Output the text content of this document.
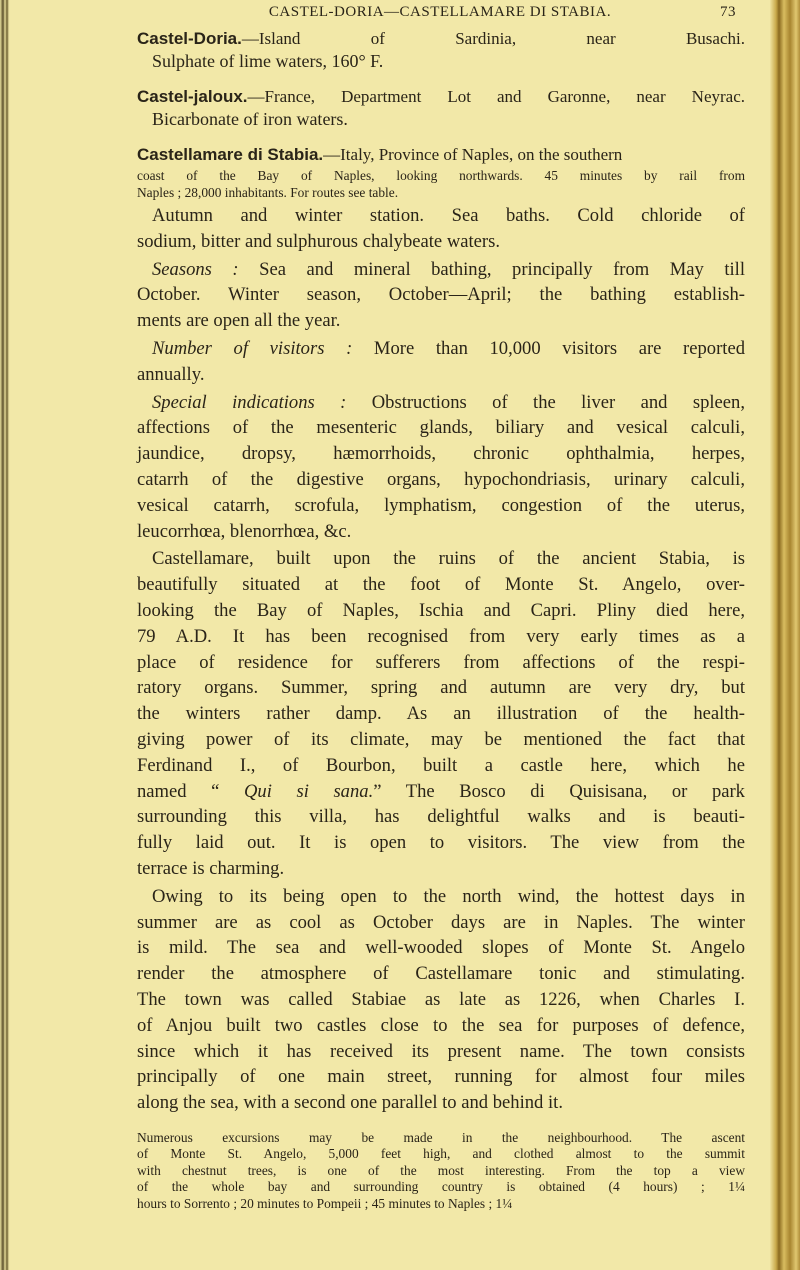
CASTEL-DORIA—CASTELLAMARE DI STABIA.	73
Castel-Doria.—Island of Sardinia, near Busachi.
Sulphate of lime waters, 160° F.
Castel-jaloux.—France, Department Lot and Garonne, near Neyrac.
Bicarbonate of iron waters.
Castellamare di Stabia.—Italy, Province of Naples, on the southern
coast of the Bay of Naples, looking northwards. 45 minutes by rail from
Naples ; 28,000 inhabitants. For routes see table.
Autumn and winter station. Sea baths. Cold chloride of
sodium, bitter and sulphurous chalybeate waters.
Seasons : Sea and mineral bathing, principally from May till
October. Winter season, October—April; the bathing establish-
ments are open all the year.
Number of visitors : More than 10,000 visitors are reported
annually.
Special indications : Obstructions of the liver and spleen,
affections of the mesenteric glands, biliary and vesical calculi,
jaundice, dropsy, hæmorrhoids, chronic ophthalmia, herpes,
catarrh of the digestive organs, hypochondriasis, urinary calculi,
vesical catarrh, scrofula, lymphatism, congestion of the uterus,
leucorrhœa, blenorrhœa, &c.
Castellamare, built upon the ruins of the ancient Stabia, is
beautifully situated at the foot of Monte St. Angelo, over-
looking the Bay of Naples, Ischia and Capri. Pliny died here,
79 A.D. It has been recognised from very early times as a
place of residence for sufferers from affections of the respi-
ratory organs. Summer, spring and autumn are very dry, but
the winters rather damp. As an illustration of the health-
giving power of its climate, may be mentioned the fact that
Ferdinand I., of Bourbon, built a castle here, which he
named “ Qui si sana.” The Bosco di Quisisana, or park
surrounding this villa, has delightful walks and is beauti-
fully laid out. It is open to visitors. The view from the
terrace is charming.
Owing to its being open to the north wind, the hottest days in
summer are as cool as October days are in Naples. The winter
is mild. The sea and well-wooded slopes of Monte St. Angelo
render the atmosphere of Castellamare tonic and stimulating.
The town was called Stabiae as late as 1226, when Charles I.
of Anjou built two castles close to the sea for purposes of defence,
since which it has received its present name. The town consists
principally of one main street, running for almost four miles
along the sea, with a second one parallel to and behind it.
Numerous excursions may be made in the neighbourhood. The ascent
of Monte St. Angelo, 5,000 feet high, and clothed almost to the summit
with chestnut trees, is one of the most interesting. From the top a view
of the whole bay and surrounding country is obtained (4 hours) ; 1¼
hours to Sorrento ; 20 minutes to Pompeii ; 45 minutes to Naples ; 1¼
